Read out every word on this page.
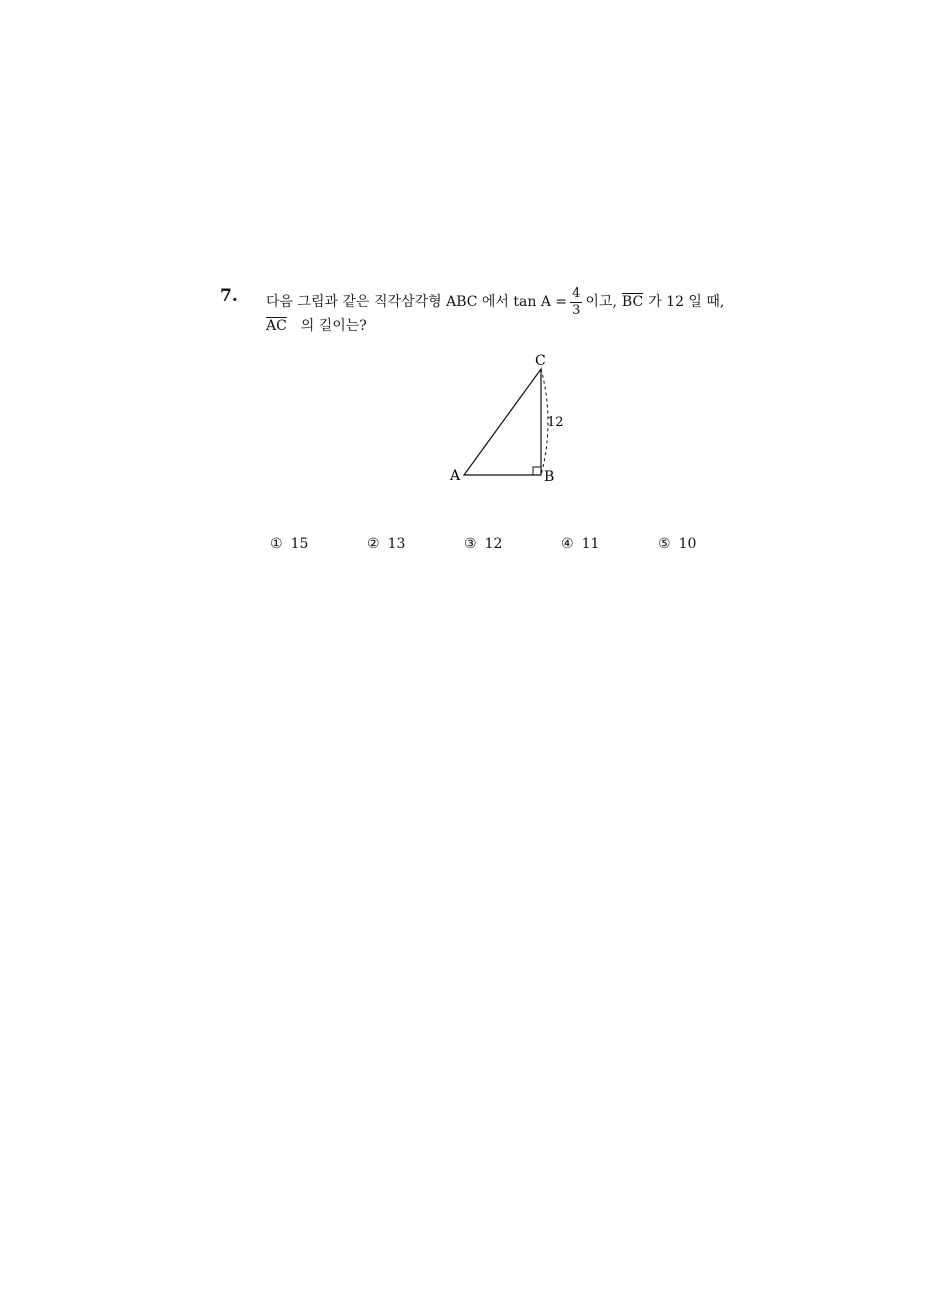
7. 다음 그림과 같은 직각삼각형 ABC 에서 $\tan A = \frac{4}{3}$ 이고, $\overline{BC}$ 가 12 일 때,
$\overline{AC}$ 의 길이는?
A	B
C
12
① 15	② 13	③ 12	④ 11	⑤ 10
